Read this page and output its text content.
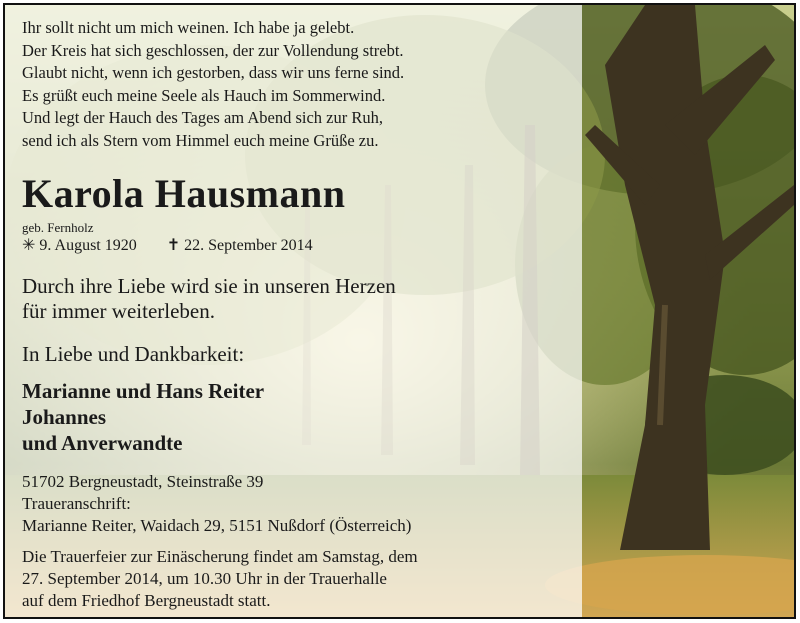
Ihr sollt nicht um mich weinen. Ich habe ja gelebt.
Der Kreis hat sich geschlossen, der zur Vollendung strebt.
Glaubt nicht, wenn ich gestorben, dass wir uns ferne sind.
Es grüßt euch meine Seele als Hauch im Sommerwind.
Und legt der Hauch des Tages am Abend sich zur Ruh,
send ich als Stern vom Himmel euch meine Grüße zu.
Karola Hausmann
geb. Fernholz
✳ 9. August 1920 ✝ 22. September 2014
Durch ihre Liebe wird sie in unseren Herzen
für immer weiterleben.
In Liebe und Dankbarkeit:
Marianne und Hans Reiter
Johannes
und Anverwandte
51702 Bergneustadt, Steinstraße 39
Traueranschrift:
Marianne Reiter, Waidach 29, 5151 Nußdorf (Österreich)
Die Trauerfeier zur Einäscherung findet am Samstag, dem
27. September 2014, um 10.30 Uhr in der Trauerhalle
auf dem Friedhof Bergneustadt statt.
